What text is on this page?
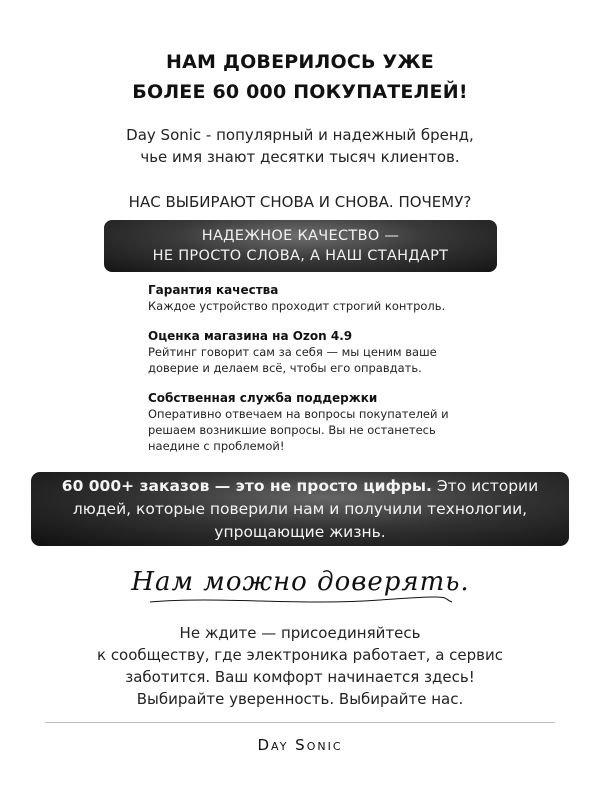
НАМ ДОВЕРИЛОСЬ УЖЕ
БОЛЕЕ 60 000 ПОКУПАТЕЛЕЙ!
Day Sonic - популярный и надежный бренд,
чье имя знают десятки тысяч клиентов.
НАС ВЫБИРАЮТ СНОВА И СНОВА. ПОЧЕМУ?
НАДЕЖНОЕ КАЧЕСТВО —
НЕ ПРОСТО СЛОВА, А НАШ СТАНДАРТ
Гарантия качества
Каждое устройство проходит строгий контроль.
Оценка магазина на Ozon 4.9
Рейтинг говорит сам за себя — мы ценим ваше
доверие и делаем всё, чтобы его оправдать.
Собственная служба поддержки
Оперативно отвечаем на вопросы покупателей и
решаем возникшие вопросы. Вы не останетесь
наедине с проблемой!
60 000+ заказов — это не просто цифры. Это истории
людей, которые поверили нам и получили технологии,
упрощающие жизнь.
Нам можно доверять.
Не ждите — присоединяйтесь
к сообществу, где электроника работает, а сервис
заботится. Ваш комфорт начинается здесь!
Выбирайте уверенность. Выбирайте нас.
Day Sonic
